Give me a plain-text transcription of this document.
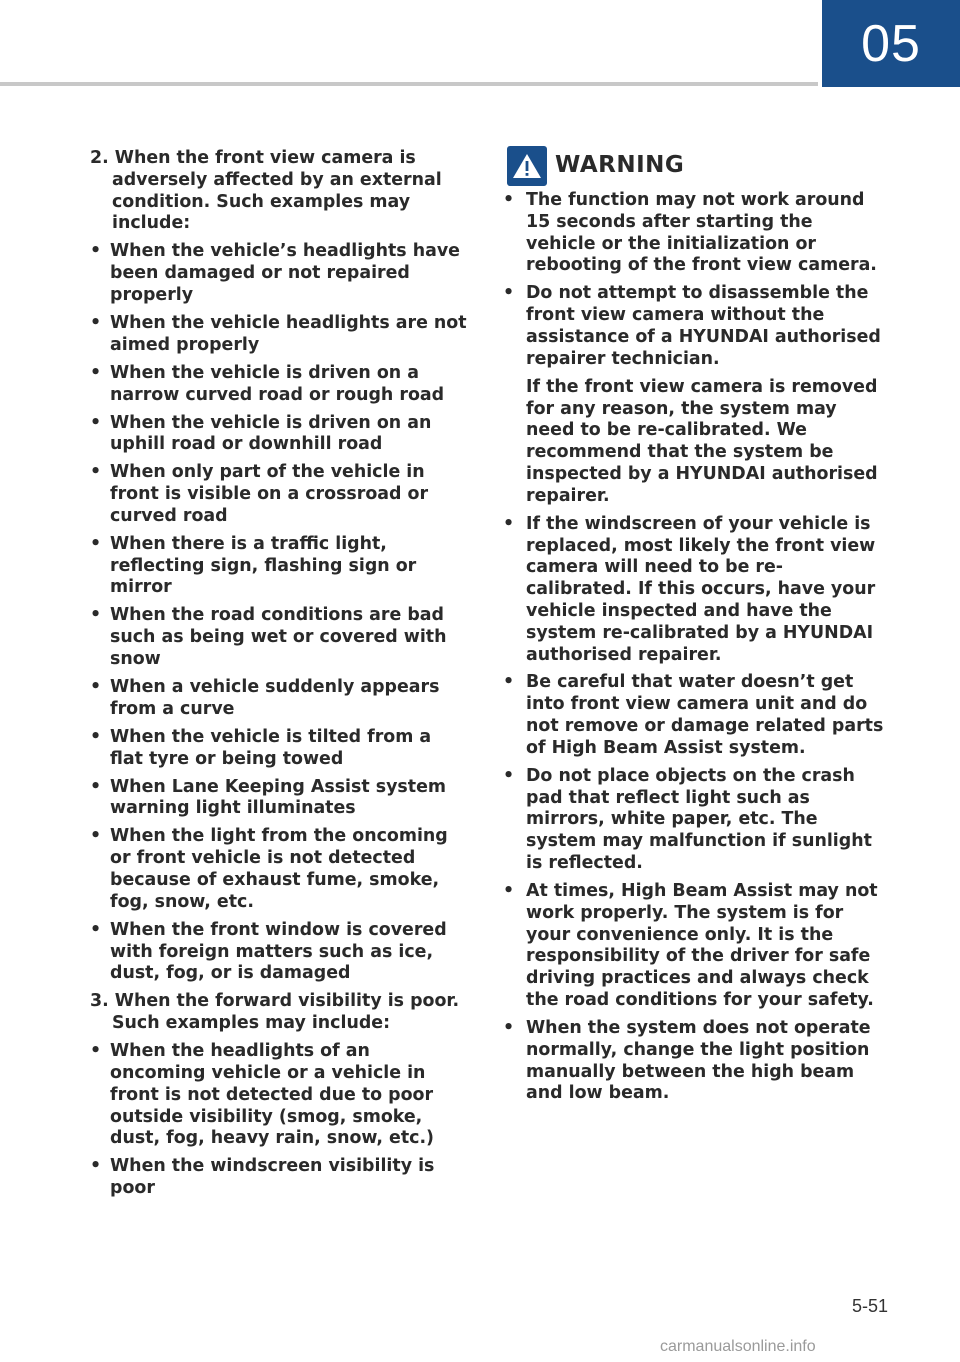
05
2. When the front view camera is adversely affected by an external condition. Such examples may include:
• When the vehicle’s headlights have been damaged or not repaired properly
• When the vehicle headlights are not aimed properly
• When the vehicle is driven on a narrow curved road or rough road
• When the vehicle is driven on an uphill road or downhill road
• When only part of the vehicle in front is visible on a crossroad or curved road
• When there is a traffic light, reflecting sign, flashing sign or mirror
• When the road conditions are bad such as being wet or covered with snow
• When a vehicle suddenly appears from a curve
• When the vehicle is tilted from a flat tyre or being towed
• When Lane Keeping Assist system warning light illuminates
• When the light from the oncoming or front vehicle is not detected because of exhaust fume, smoke, fog, snow, etc.
• When the front window is covered with foreign matters such as ice, dust, fog, or is damaged
3. When the forward visibility is poor. Such examples may include:
• When the headlights of an oncoming vehicle or a vehicle in front is not detected due to poor outside visibility (smog, smoke, dust, fog, heavy rain, snow, etc.)
• When the windscreen visibility is poor
WARNING
• The function may not work around 15 seconds after starting the vehicle or the initialization or rebooting of the front view camera.
• Do not attempt to disassemble the front view camera without the assistance of a HYUNDAI authorised repairer technician.
If the front view camera is removed for any reason, the system may need to be re-calibrated. We recommend that the system be inspected by a HYUNDAI authorised repairer.
• If the windscreen of your vehicle is replaced, most likely the front view camera will need to be re-calibrated. If this occurs, have your vehicle inspected and have the system re-calibrated by a HYUNDAI authorised repairer.
• Be careful that water doesn’t get into front view camera unit and do not remove or damage related parts of High Beam Assist system.
• Do not place objects on the crash pad that reflect light such as mirrors, white paper, etc. The system may malfunction if sunlight is reflected.
• At times, High Beam Assist may not work properly. The system is for your convenience only. It is the responsibility of the driver for safe driving practices and always check the road conditions for your safety.
• When the system does not operate normally, change the light position manually between the high beam and low beam.
5-51
carmanualsonline.info
